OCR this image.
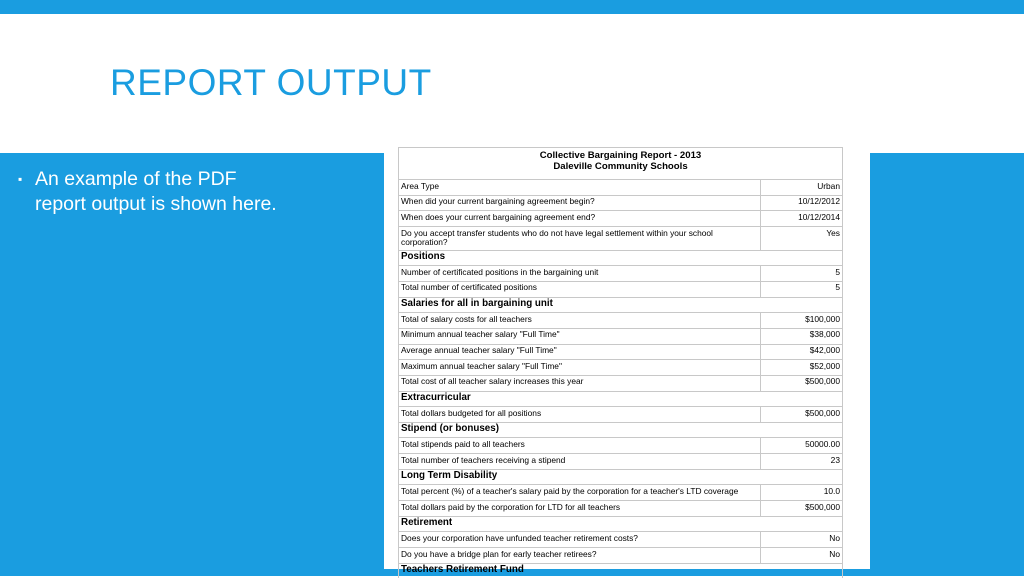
REPORT OUTPUT
▪ An example of the PDF report output is shown here.
Collective Bargaining Report - 2013
Daleville Community Schools	

Area Type	Urban
When did your current bargaining agreement begin?	10/12/2012
When does your current bargaining agreement end?	10/12/2014
Do you accept transfer students who do not have legal settlement within your school corporation?	Yes
Positions	
Number of certificated positions in the bargaining unit	5
Total number of certificated positions	5
Salaries for all in bargaining unit	
Total of salary costs for all teachers	$100,000
Minimum annual teacher salary "Full Time"	$38,000
Average annual teacher salary "Full Time"	$42,000
Maximum annual teacher salary "Full Time"	$52,000
Total cost of all teacher salary increases this year	$500,000
Extracurricular	
Total dollars budgeted for all positions	$500,000
Stipend (or bonuses)	
Total stipends paid to all teachers	50000.00
Total number of teachers receiving a stipend	23
Long Term Disability	
Total percent (%) of a teacher's salary paid by the corporation for a teacher's LTD coverage	10.0
Total dollars paid by the corporation for LTD for all teachers	$500,000
Retirement	
Does your corporation have unfunded teacher retirement costs?	No
Do you have a bridge plan for early teacher retirees?	No
Teachers Retirement Fund	
